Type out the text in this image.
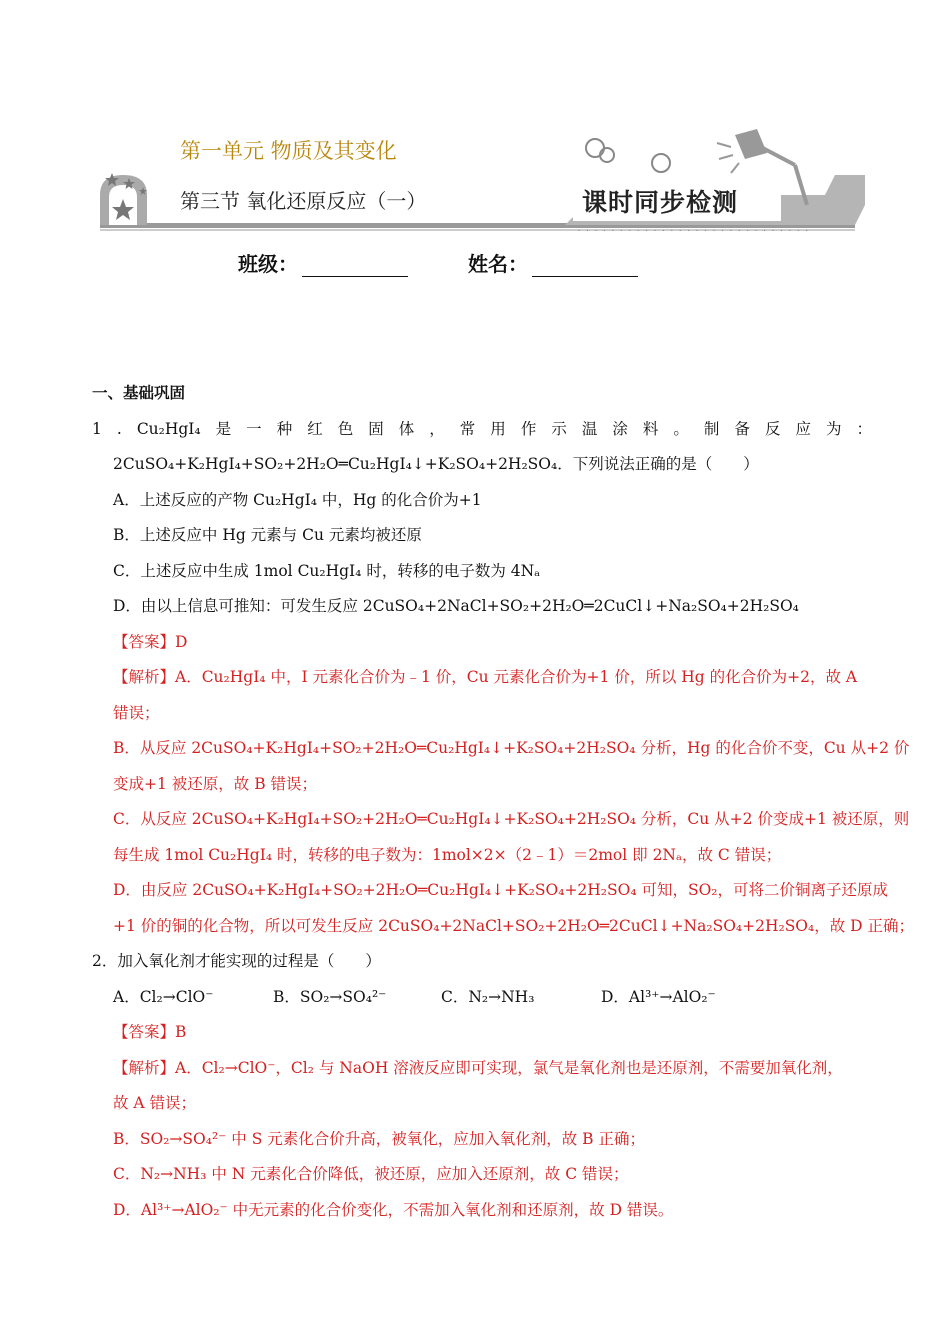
· · · · · · · · · · · · · · · · · · · · · · · · · · · ·
第一单元 物质及其变化
第三节 氧化还原反应（一）	课时同步检测
班级：	姓名：
一、基础巩固
1 . Cu₂HgI₄ 是 一 种 红 色 固 体 ， 常 用 作 示 温 涂 料 。 制 备 反 应 为 ：
2CuSO₄+K₂HgI₄+SO₂+2H₂O═Cu₂HgI₄↓+K₂SO₄+2H₂SO₄．下列说法正确的是（　　）
A．上述反应的产物 Cu₂HgI₄ 中，Hg 的化合价为+1
B．上述反应中 Hg 元素与 Cu 元素均被还原
C．上述反应中生成 1mol Cu₂HgI₄ 时，转移的电子数为 4Nₐ
D．由以上信息可推知：可发生反应 2CuSO₄+2NaCl+SO₂+2H₂O═2CuCl↓+Na₂SO₄+2H₂SO₄
【答案】D
【解析】A．Cu₂HgI₄ 中，I 元素化合价为﹣1 价，Cu 元素化合价为+1 价，所以 Hg 的化合价为+2，故 A
错误；
B．从反应 2CuSO₄+K₂HgI₄+SO₂+2H₂O═Cu₂HgI₄↓+K₂SO₄+2H₂SO₄ 分析，Hg 的化合价不变，Cu 从+2 价
变成+1 被还原，故 B 错误；
C．从反应 2CuSO₄+K₂HgI₄+SO₂+2H₂O═Cu₂HgI₄↓+K₂SO₄+2H₂SO₄ 分析，Cu 从+2 价变成+1 被还原，则
每生成 1mol Cu₂HgI₄ 时，转移的电子数为：1mol×2×（2﹣1）＝2mol 即 2Nₐ，故 C 错误；
D．由反应 2CuSO₄+K₂HgI₄+SO₂+2H₂O═Cu₂HgI₄↓+K₂SO₄+2H₂SO₄ 可知，SO₂，可将二价铜离子还原成
+1 价的铜的化合物，所以可发生反应 2CuSO₄+2NaCl+SO₂+2H₂O═2CuCl↓+Na₂SO₄+2H₂SO₄，故 D 正确；
2．加入氧化剂才能实现的过程是（　　）
A．Cl₂→ClO⁻	B．SO₂→SO₄²⁻	C．N₂→NH₃	D．Al³⁺→AlO₂⁻
【答案】B
【解析】A．Cl₂→ClO⁻，Cl₂ 与 NaOH 溶液反应即可实现，氯气是氧化剂也是还原剂，不需要加氧化剂，
故 A 错误；
B．SO₂→SO₄²⁻ 中 S 元素化合价升高，被氧化，应加入氧化剂，故 B 正确；
C．N₂→NH₃ 中 N 元素化合价降低，被还原，应加入还原剂，故 C 错误；
D．Al³⁺→AlO₂⁻ 中无元素的化合价变化，不需加入氧化剂和还原剂，故 D 错误。
